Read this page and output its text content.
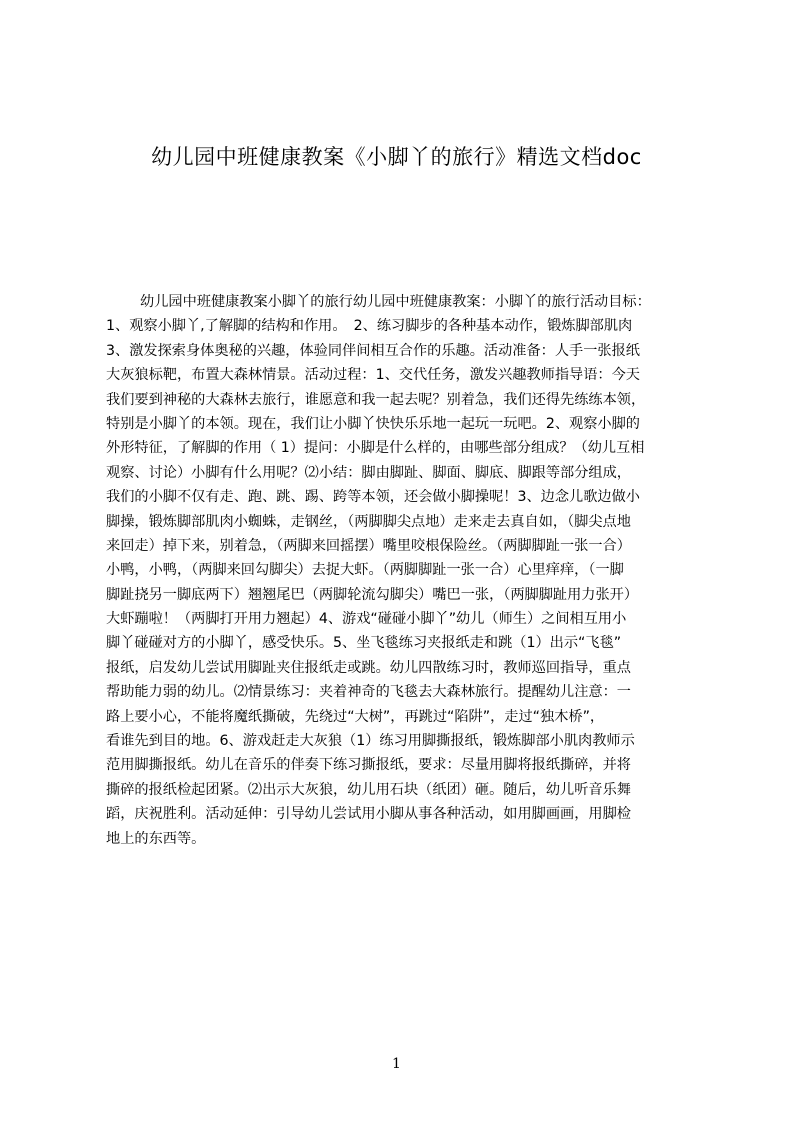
幼儿园中班健康教案《小脚丫的旅行》精选文档doc
幼儿园中班健康教案小脚丫的旅行幼儿园中班健康教案：小脚丫的旅行活动目标：
1、观察小脚丫,了解脚的结构和作用。　2、练习脚步的各种基本动作，锻炼脚部肌肉
3、激发探索身体奥秘的兴趣，体验同伴间相互合作的乐趣。活动准备：人手一张报纸
大灰狼标靶，布置大森林情景。活动过程：1、交代任务，激发兴趣教师指导语：今天
我们要到神秘的大森林去旅行，谁愿意和我一起去呢？别着急，我们还得先练练本领，
特别是小脚丫的本领。现在，我们让小脚丫快快乐乐地一起玩一玩吧。2、观察小脚的
外形特征，了解脚的作用（ 1）提问：小脚是什么样的，由哪些部分组成？（幼儿互相
观察、讨论）小脚有什么用呢？⑵小结：脚由脚趾、脚面、脚底、脚跟等部分组成，
我们的小脚不仅有走、跑、跳、踢、跨等本领，还会做小脚操呢！3、边念儿歌边做小
脚操，锻炼脚部肌肉小蜘蛛，走钢丝，（两脚脚尖点地）走来走去真自如，（脚尖点地
来回走）掉下来，别着急，（两脚来回摇摆）嘴里咬根保险丝。（两脚脚趾一张一合）
小鸭，小鸭，（两脚来回勾脚尖）去捉大虾。（两脚脚趾一张一合）心里痒痒，（一脚
脚趾挠另一脚底两下）翘翘尾巴（两脚轮流勾脚尖）嘴巴一张，（两脚脚趾用力张开）
大虾蹦啦！（两脚打开用力翘起）4、游戏“碰碰小脚丫”幼儿（师生）之间相互用小
脚丫碰碰对方的小脚丫，感受快乐。5、坐飞毯练习夹报纸走和跳（1）出示“飞毯”
报纸，启发幼儿尝试用脚趾夹住报纸走或跳。幼儿四散练习时，教师巡回指导，重点
帮助能力弱的幼儿。⑵情景练习：夹着神奇的飞毯去大森林旅行。提醒幼儿注意：一
路上要小心，不能将魔纸撕破，先绕过“大树”，再跳过“陷阱”，走过“独木桥”，
看谁先到目的地。6、游戏赶走大灰狼（1）练习用脚撕报纸，锻炼脚部小肌肉教师示
范用脚撕报纸。幼儿在音乐的伴奏下练习撕报纸，要求：尽量用脚将报纸撕碎，并将
撕碎的报纸检起团紧。⑵出示大灰狼，幼儿用石块（纸团）砸。随后，幼儿听音乐舞
蹈，庆祝胜利。活动延伸：引导幼儿尝试用小脚从事各种活动，如用脚画画，用脚检
地上的东西等。
1
